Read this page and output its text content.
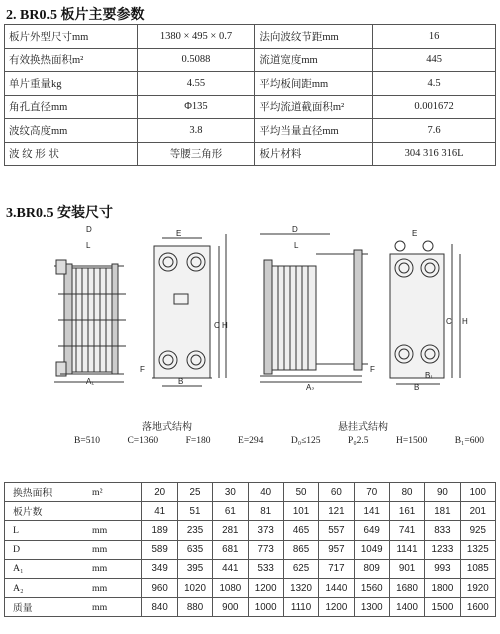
2. BR0.5 板片主要参数
板片外型尺寸mm	1380 × 495 × 0.7	法向波纹节距mm	16
有效换热面积m²	0.5088	流道宽度mm	445
单片重量kg	4.55	平均板间距mm	4.5
角孔直径mm	Φ135	平均流道截面积m²	0.001672
波纹高度mm	3.8	平均当量直径mm	7.6
波 纹 形 状	等腰三角形	板片材料	304 316 316L
3.BR0.5 安装尺寸
D
L
E
C H
F
B
A₁
D
L
E
C H
F
B
B₁
A₂
落地式结构	悬挂式结构
B=510	C=1360	F=180	E=294	D₀≤125	P₀2.5	H=1500	B₁=600
换热面积	m²	20	25	30	40	50	60	70	80	90	100
板片数		41	51	61	81	101	121	141	161	181	201
L	mm	189	235	281	373	465	557	649	741	833	925
D	mm	589	635	681	773	865	957	1049	1141	1233	1325
A₁	mm	349	395	441	533	625	717	809	901	993	1085
A₂	mm	960	1020	1080	1200	1320	1440	1560	1680	1800	1920
质量	mm	840	880	900	1000	1110	1200	1300	1400	1500	1600
